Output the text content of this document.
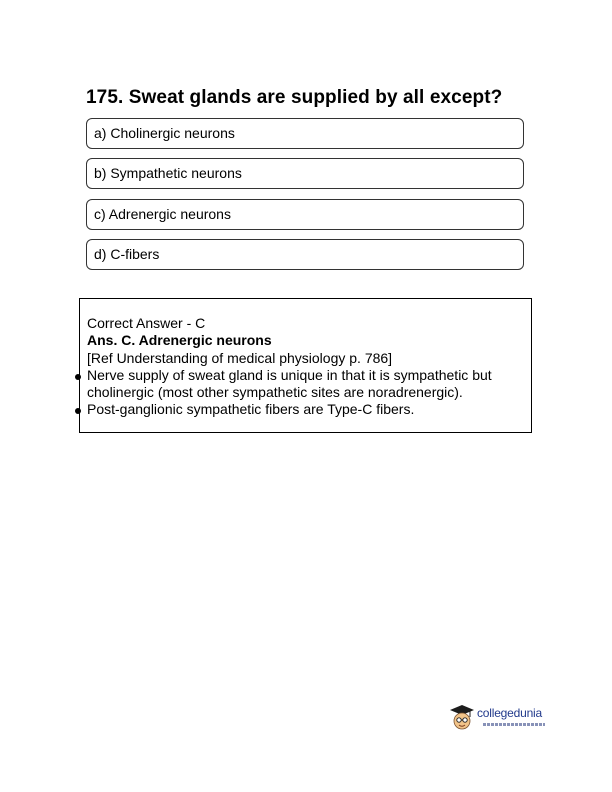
175. Sweat glands are supplied by all except?
a) Cholinergic neurons
b) Sympathetic neurons
c) Adrenergic neurons
d) C-fibers
Correct Answer - C
Ans. C. Adrenergic neurons
[Ref Understanding of medical physiology p. 786]
Nerve supply of sweat gland is unique in that it is sympathetic but
cholinergic (most other sympathetic sites are noradrenergic).
Post-ganglionic sympathetic fibers are Type-C fibers.
collegedunia
